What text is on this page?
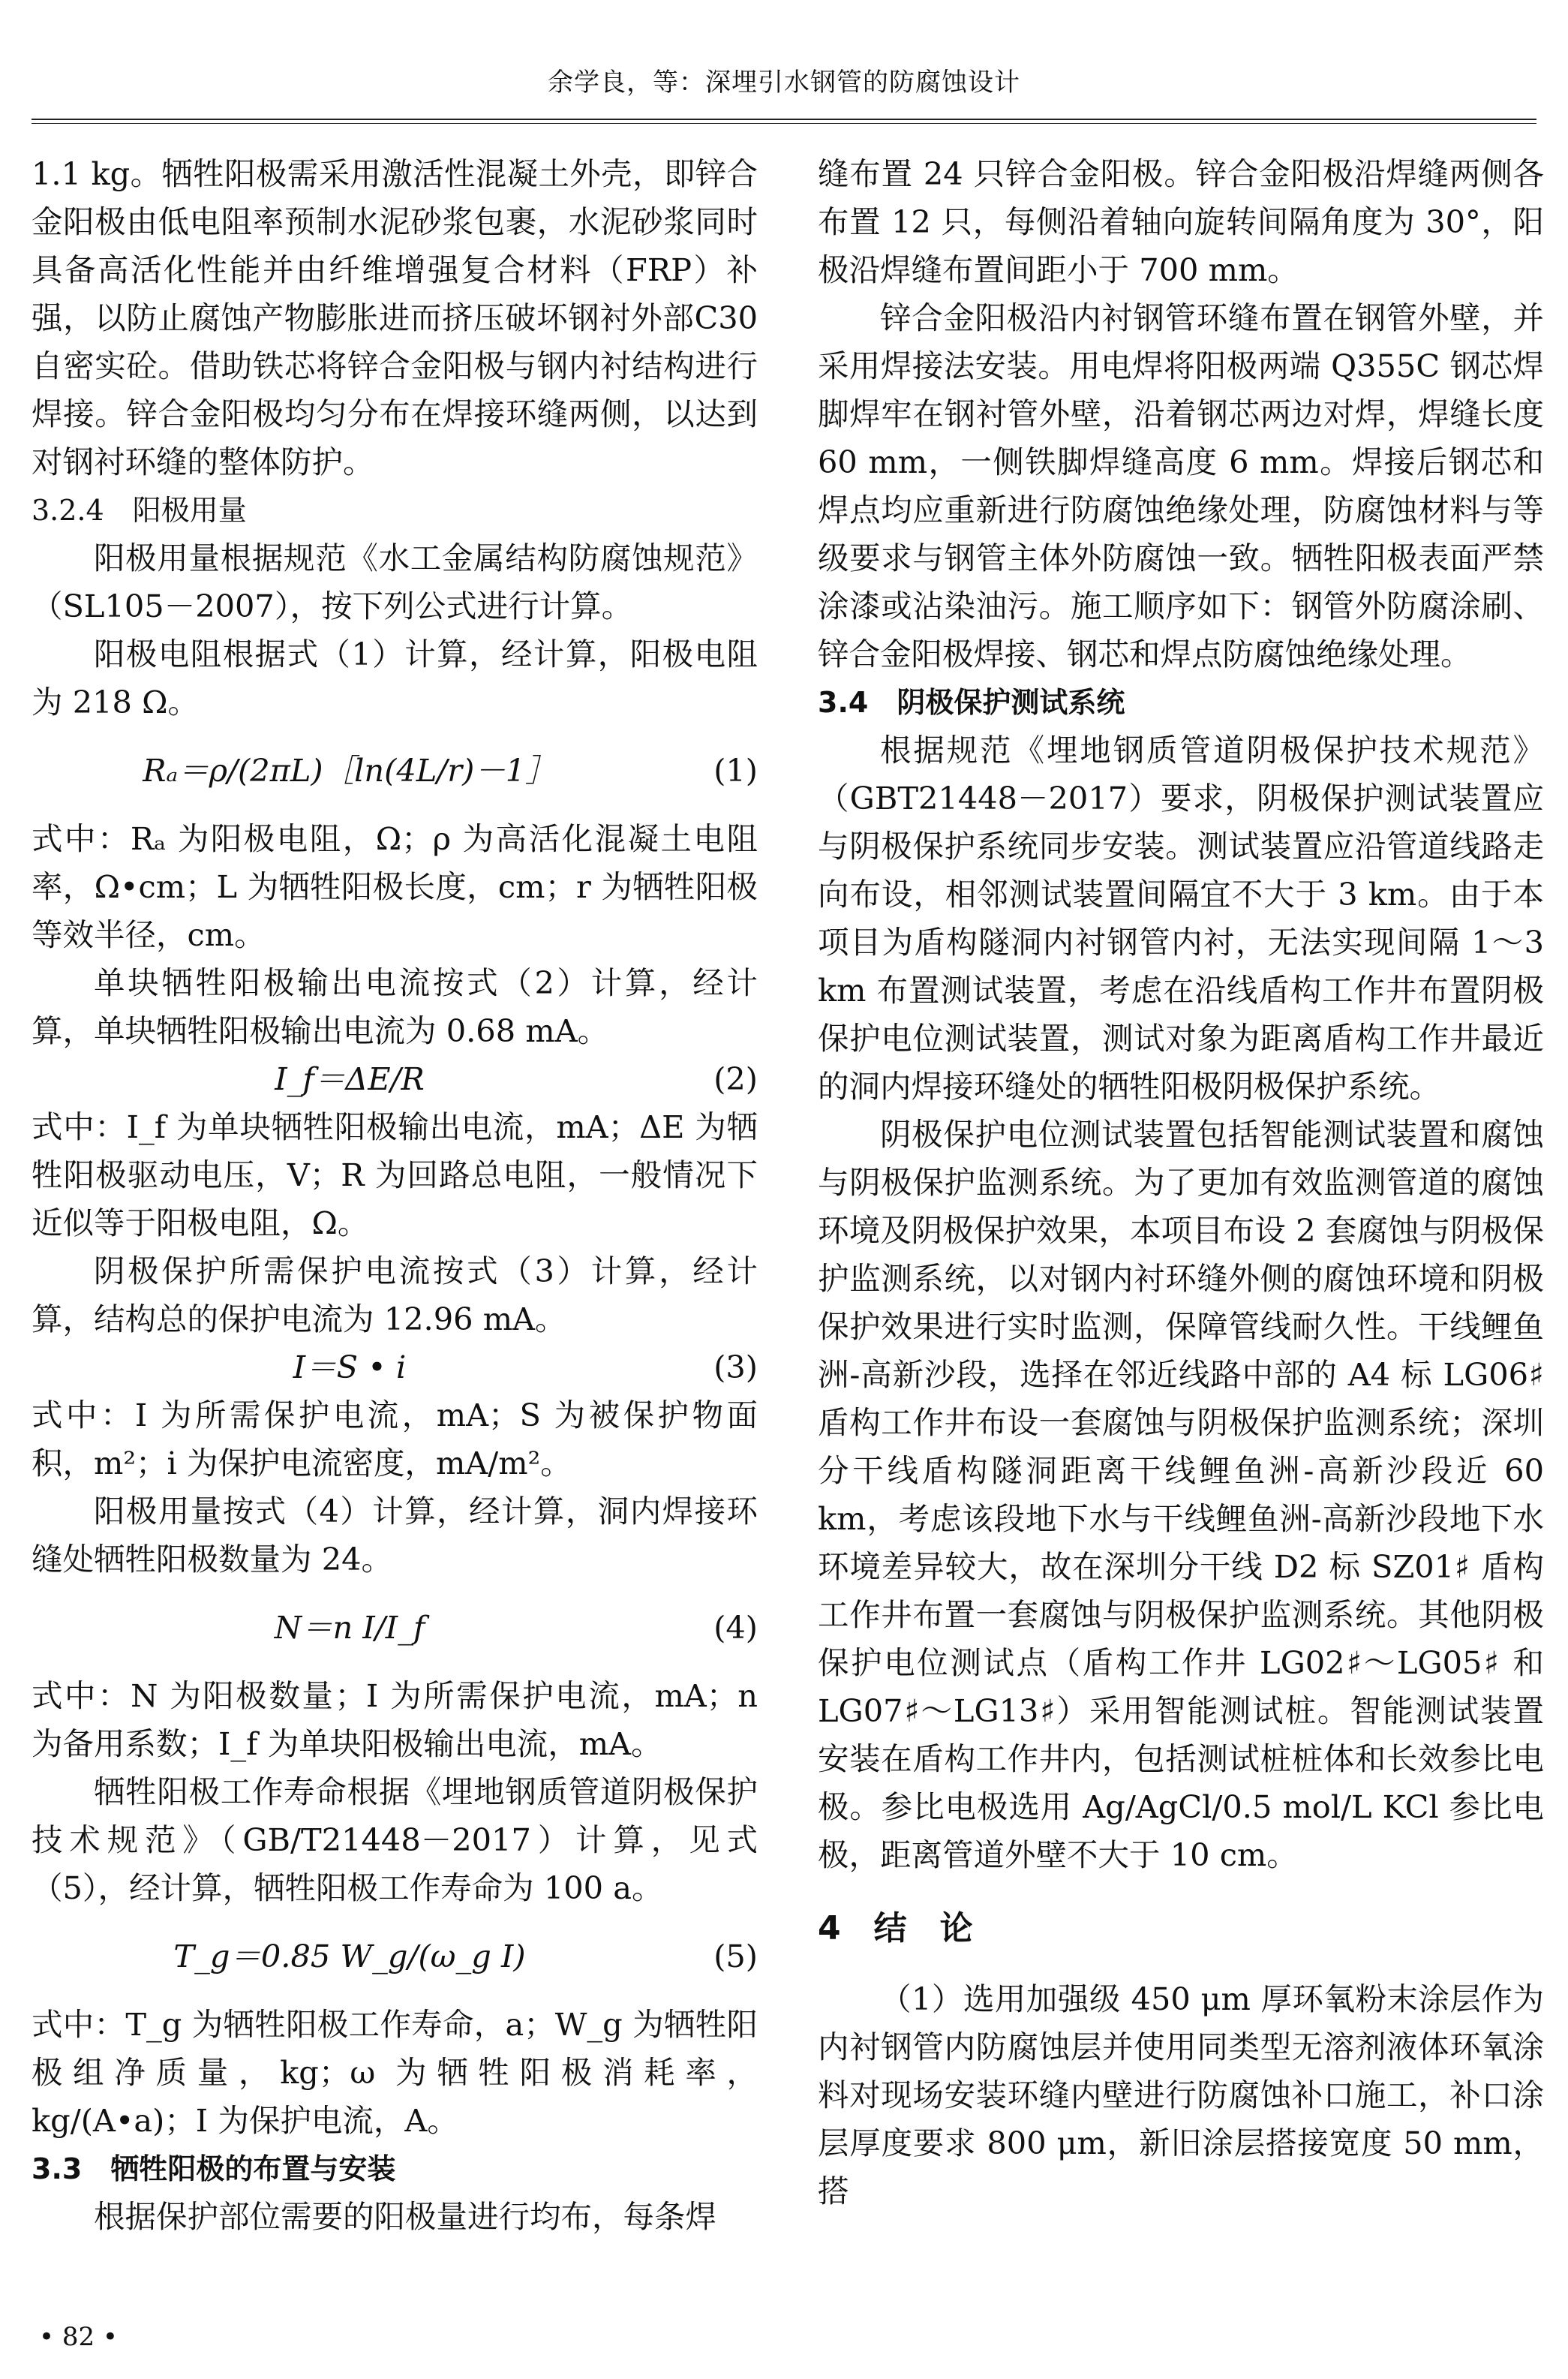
余学良，等：深埋引水钢管的防腐蚀设计

1.1 kg。牺牲阳极需采用激活性混凝土外壳，即锌合金阳极由低电阻率预制水泥砂浆包裹，水泥砂浆同时具备高活化性能并由纤维增强复合材料（FRP）补强，以防止腐蚀产物膨胀进而挤压破坏钢衬外部C30 自密实砼。借助铁芯将锌合金阳极与钢内衬结构进行焊接。锌合金阳极均匀分布在焊接环缝两侧，以达到对钢衬环缝的整体防护。

3.2.4　阳极用量

阳极用量根据规范《水工金属结构防腐蚀规范》（SL105－2007），按下列公式进行计算。

阳极电阻根据式（1）计算，经计算，阳极电阻为 218 Ω。

Rₐ＝ρ/(2πL)［ln(4L/r)－1］	(1)

式中：Rₐ 为阳极电阻，Ω；ρ 为高活化混凝土电阻率，Ω•cm；L 为牺牲阳极长度，cm；r 为牺牲阳极等效半径，cm。

单块牺牲阳极输出电流按式（2）计算，经计算，单块牺牲阳极输出电流为 0.68 mA。

I_f＝ΔE/R	(2)

式中：I_f 为单块牺牲阳极输出电流，mA；ΔE 为牺牲阳极驱动电压，V；R 为回路总电阻，一般情况下近似等于阳极电阻，Ω。

阴极保护所需保护电流按式（3）计算，经计算，结构总的保护电流为 12.96 mA。

I＝S • i	(3)

式中：I 为所需保护电流，mA；S 为被保护物面积，m²；i 为保护电流密度，mA/m²。

阳极用量按式（4）计算，经计算，洞内焊接环缝处牺牲阳极数量为 24。

N＝n I/I_f	(4)

式中：N 为阳极数量；I 为所需保护电流，mA；n 为备用系数；I_f 为单块阳极输出电流，mA。

牺牲阳极工作寿命根据《埋地钢质管道阴极保护技术规范》（GB/T21448－2017）计算，见式（5），经计算，牺牲阳极工作寿命为 100 a。

T_g＝0.85 W_g/(ω_g I)	(5)

式中：T_g 为牺牲阳极工作寿命，a；W_g 为牺牲阳极组净质量，kg；ω 为牺牲阳极消耗率，kg/(A•a)；I 为保护电流，A。

3.3　牺牲阳极的布置与安装

根据保护部位需要的阳极量进行均布，每条焊

缝布置 24 只锌合金阳极。锌合金阳极沿焊缝两侧各布置 12 只，每侧沿着轴向旋转间隔角度为 30°，阳极沿焊缝布置间距小于 700 mm。

锌合金阳极沿内衬钢管环缝布置在钢管外壁，并采用焊接法安装。用电焊将阳极两端 Q355C 钢芯焊脚焊牢在钢衬管外壁，沿着钢芯两边对焊，焊缝长度 60 mm，一侧铁脚焊缝高度 6 mm。焊接后钢芯和焊点均应重新进行防腐蚀绝缘处理，防腐蚀材料与等级要求与钢管主体外防腐蚀一致。牺牲阳极表面严禁涂漆或沾染油污。施工顺序如下：钢管外防腐涂刷、锌合金阳极焊接、钢芯和焊点防腐蚀绝缘处理。

3.4　阴极保护测试系统

根据规范《埋地钢质管道阴极保护技术规范》（GBT21448－2017）要求，阴极保护测试装置应与阴极保护系统同步安装。测试装置应沿管道线路走向布设，相邻测试装置间隔宜不大于 3 km。由于本项目为盾构隧洞内衬钢管内衬，无法实现间隔 1～3 km 布置测试装置，考虑在沿线盾构工作井布置阴极保护电位测试装置，测试对象为距离盾构工作井最近的洞内焊接环缝处的牺牲阳极阴极保护系统。

阴极保护电位测试装置包括智能测试装置和腐蚀与阴极保护监测系统。为了更加有效监测管道的腐蚀环境及阴极保护效果，本项目布设 2 套腐蚀与阴极保护监测系统，以对钢内衬环缝外侧的腐蚀环境和阴极保护效果进行实时监测，保障管线耐久性。干线鲤鱼洲-高新沙段，选择在邻近线路中部的 A4 标 LG06♯ 盾构工作井布设一套腐蚀与阴极保护监测系统；深圳分干线盾构隧洞距离干线鲤鱼洲-高新沙段近 60 km，考虑该段地下水与干线鲤鱼洲-高新沙段地下水环境差异较大，故在深圳分干线 D2 标 SZ01♯ 盾构工作井布置一套腐蚀与阴极保护监测系统。其他阴极保护电位测试点（盾构工作井 LG02♯～LG05♯ 和 LG07♯～LG13♯）采用智能测试桩。智能测试装置安装在盾构工作井内，包括测试桩桩体和长效参比电极。参比电极选用 Ag/AgCl/0.5 mol/L KCl 参比电极，距离管道外壁不大于 10 cm。

4　结　论

（1）选用加强级 450 μm 厚环氧粉末涂层作为内衬钢管内防腐蚀层并使用同类型无溶剂液体环氧涂料对现场安装环缝内壁进行防腐蚀补口施工，补口涂层厚度要求 800 μm，新旧涂层搭接宽度 50 mm，搭

• 82 •
